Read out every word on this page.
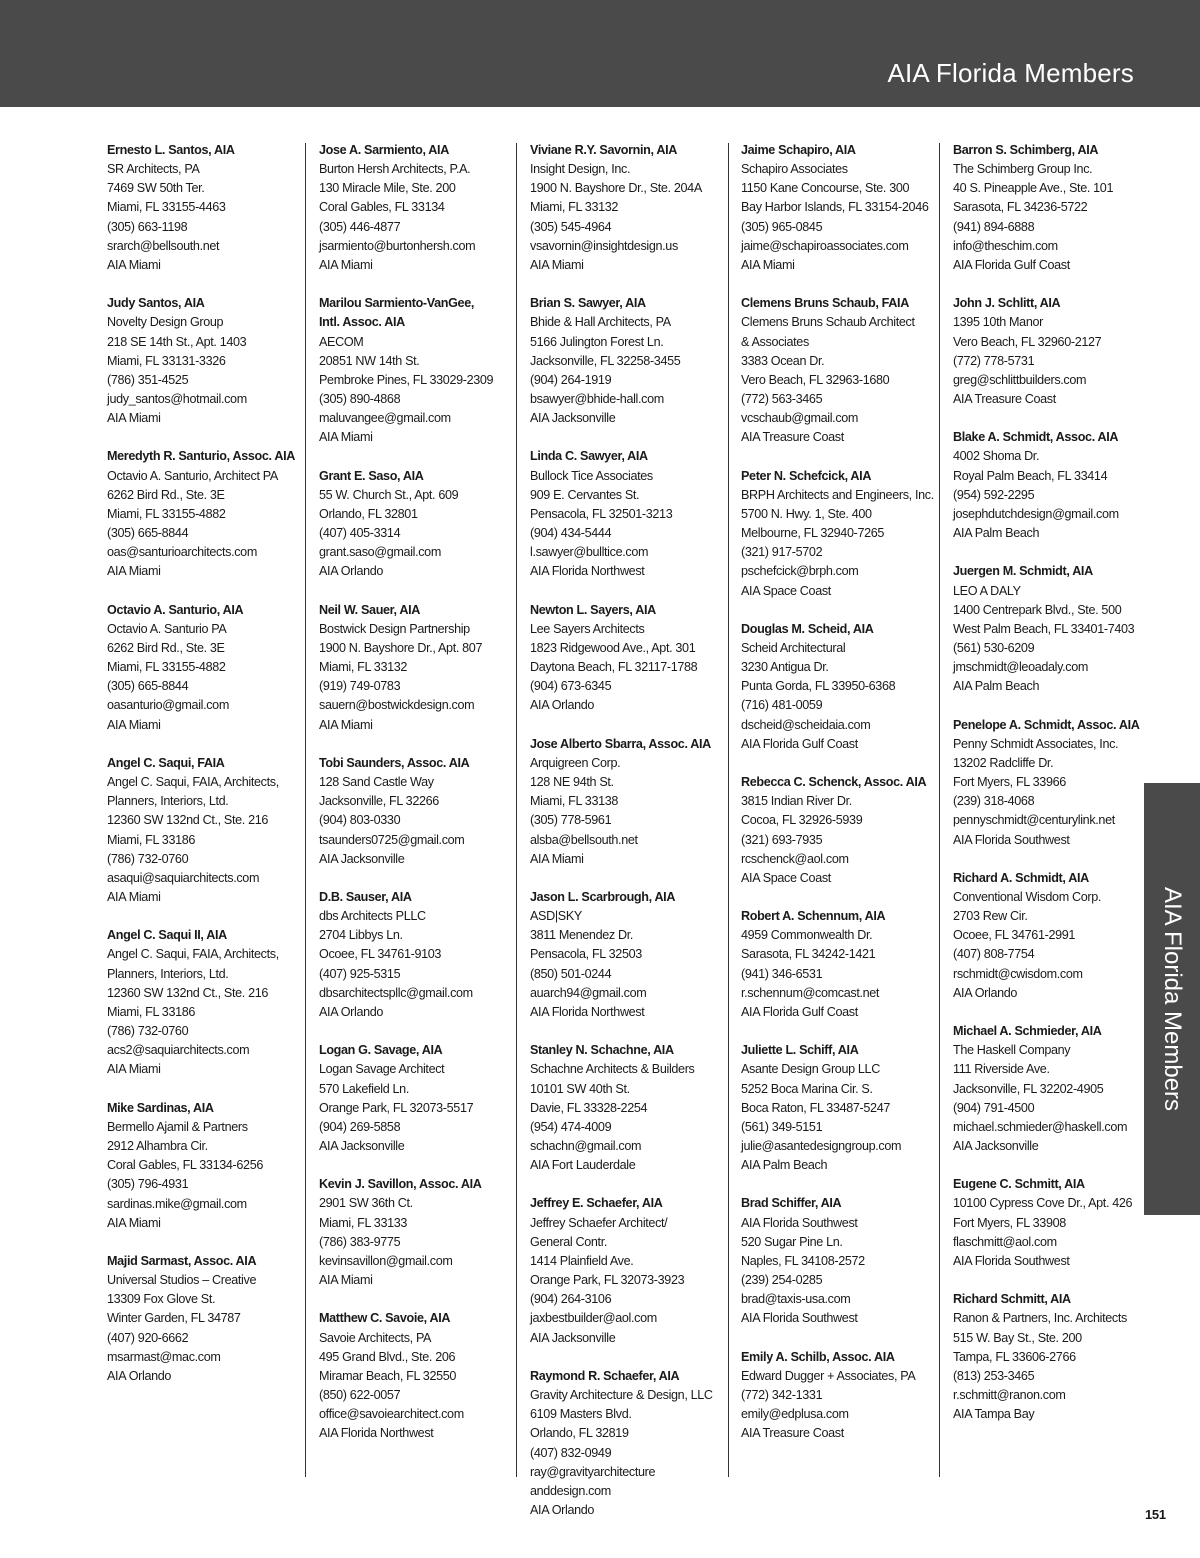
AIA Florida Members
Ernesto L. Santos, AIA
SR Architects, PA
7469 SW 50th Ter.
Miami, FL 33155-4463
(305) 663-1198
srarch@bellsouth.net
AIA Miami
Judy Santos, AIA
Novelty Design Group
218 SE 14th St., Apt. 1403
Miami, FL 33131-3326
(786) 351-4525
judy_santos@hotmail.com
AIA Miami
Meredyth R. Santurio, Assoc. AIA
Octavio A. Santurio, Architect PA
6262 Bird Rd., Ste. 3E
Miami, FL 33155-4882
(305) 665-8844
oas@santurioarchitects.com
AIA Miami
Octavio A. Santurio, AIA
Octavio A. Santurio PA
6262 Bird Rd., Ste. 3E
Miami, FL 33155-4882
(305) 665-8844
oasanturio@gmail.com
AIA Miami
Angel C. Saqui, FAIA
Angel C. Saqui, FAIA, Architects,
Planners, Interiors, Ltd.
12360 SW 132nd Ct., Ste. 216
Miami, FL 33186
(786) 732-0760
asaqui@saquiarchitects.com
AIA Miami
Angel C. Saqui II, AIA
Angel C. Saqui, FAIA, Architects,
Planners, Interiors, Ltd.
12360 SW 132nd Ct., Ste. 216
Miami, FL 33186
(786) 732-0760
acs2@saquiarchitects.com
AIA Miami
Mike Sardinas, AIA
Bermello Ajamil & Partners
2912 Alhambra Cir.
Coral Gables, FL 33134-6256
(305) 796-4931
sardinas.mike@gmail.com
AIA Miami
Majid Sarmast, Assoc. AIA
Universal Studios – Creative
13309 Fox Glove St.
Winter Garden, FL 34787
(407) 920-6662
msarmast@mac.com
AIA Orlando
Jose A. Sarmiento, AIA
Burton Hersh Architects, P.A.
130 Miracle Mile, Ste. 200
Coral Gables, FL 33134
(305) 446-4877
jsarmiento@burtonhersh.com
AIA Miami
Marilou Sarmiento-VanGee,
Intl. Assoc. AIA
AECOM
20851 NW 14th St.
Pembroke Pines, FL 33029-2309
(305) 890-4868
maluvangee@gmail.com
AIA Miami
Grant E. Saso, AIA
55 W. Church St., Apt. 609
Orlando, FL 32801
(407) 405-3314
grant.saso@gmail.com
AIA Orlando
Neil W. Sauer, AIA
Bostwick Design Partnership
1900 N. Bayshore Dr., Apt. 807
Miami, FL 33132
(919) 749-0783
sauern@bostwickdesign.com
AIA Miami
Tobi Saunders, Assoc. AIA
128 Sand Castle Way
Jacksonville, FL 32266
(904) 803-0330
tsaunders0725@gmail.com
AIA Jacksonville
D.B. Sauser, AIA
dbs Architects PLLC
2704 Libbys Ln.
Ocoee, FL 34761-9103
(407) 925-5315
dbsarchitectspllc@gmail.com
AIA Orlando
Logan G. Savage, AIA
Logan Savage Architect
570 Lakefield Ln.
Orange Park, FL 32073-5517
(904) 269-5858
AIA Jacksonville
Kevin J. Savillon, Assoc. AIA
2901 SW 36th Ct.
Miami, FL 33133
(786) 383-9775
kevinsavillon@gmail.com
AIA Miami
Matthew C. Savoie, AIA
Savoie Architects, PA
495 Grand Blvd., Ste. 206
Miramar Beach, FL 32550
(850) 622-0057
office@savoiearchitect.com
AIA Florida Northwest
Viviane R.Y. Savornin, AIA
Insight Design, Inc.
1900 N. Bayshore Dr., Ste. 204A
Miami, FL 33132
(305) 545-4964
vsavornin@insightdesign.us
AIA Miami
Brian S. Sawyer, AIA
Bhide & Hall Architects, PA
5166 Julington Forest Ln.
Jacksonville, FL 32258-3455
(904) 264-1919
bsawyer@bhide-hall.com
AIA Jacksonville
Linda C. Sawyer, AIA
Bullock Tice Associates
909 E. Cervantes St.
Pensacola, FL 32501-3213
(904) 434-5444
l.sawyer@bulltice.com
AIA Florida Northwest
Newton L. Sayers, AIA
Lee Sayers Architects
1823 Ridgewood Ave., Apt. 301
Daytona Beach, FL 32117-1788
(904) 673-6345
AIA Orlando
Jose Alberto Sbarra, Assoc. AIA
Arquigreen Corp.
128 NE 94th St.
Miami, FL 33138
(305) 778-5961
alsba@bellsouth.net
AIA Miami
Jason L. Scarbrough, AIA
ASD|SKY
3811 Menendez Dr.
Pensacola, FL 32503
(850) 501-0244
auarch94@gmail.com
AIA Florida Northwest
Stanley N. Schachne, AIA
Schachne Architects & Builders
10101 SW 40th St.
Davie, FL 33328-2254
(954) 474-4009
schachn@gmail.com
AIA Fort Lauderdale
Jeffrey E. Schaefer, AIA
Jeffrey Schaefer Architect/
General Contr.
1414 Plainfield Ave.
Orange Park, FL 32073-3923
(904) 264-3106
jaxbestbuilder@aol.com
AIA Jacksonville
Raymond R. Schaefer, AIA
Gravity Architecture & Design, LLC
6109 Masters Blvd.
Orlando, FL 32819
(407) 832-0949
ray@gravityarchitecture
anddesign.com
AIA Orlando
Jaime Schapiro, AIA
Schapiro Associates
1150 Kane Concourse, Ste. 300
Bay Harbor Islands, FL 33154-2046
(305) 965-0845
jaime@schapiroassociates.com
AIA Miami
Clemens Bruns Schaub, FAIA
Clemens Bruns Schaub Architect
& Associates
3383 Ocean Dr.
Vero Beach, FL 32963-1680
(772) 563-3465
vcschaub@gmail.com
AIA Treasure Coast
Peter N. Schefcick, AIA
BRPH Architects and Engineers, Inc.
5700 N. Hwy. 1, Ste. 400
Melbourne, FL 32940-7265
(321) 917-5702
pschefcick@brph.com
AIA Space Coast
Douglas M. Scheid, AIA
Scheid Architectural
3230 Antigua Dr.
Punta Gorda, FL 33950-6368
(716) 481-0059
dscheid@scheidaia.com
AIA Florida Gulf Coast
Rebecca C. Schenck, Assoc. AIA
3815 Indian River Dr.
Cocoa, FL 32926-5939
(321) 693-7935
rcschenck@aol.com
AIA Space Coast
Robert A. Schennum, AIA
4959 Commonwealth Dr.
Sarasota, FL 34242-1421
(941) 346-6531
r.schennum@comcast.net
AIA Florida Gulf Coast
Juliette L. Schiff, AIA
Asante Design Group LLC
5252 Boca Marina Cir. S.
Boca Raton, FL 33487-5247
(561) 349-5151
julie@asantedesigngroup.com
AIA Palm Beach
Brad Schiffer, AIA
AIA Florida Southwest
520 Sugar Pine Ln.
Naples, FL 34108-2572
(239) 254-0285
brad@taxis-usa.com
AIA Florida Southwest
Emily A. Schilb, Assoc. AIA
Edward Dugger + Associates, PA
(772) 342-1331
emily@edplusa.com
AIA Treasure Coast
Barron S. Schimberg, AIA
The Schimberg Group Inc.
40 S. Pineapple Ave., Ste. 101
Sarasota, FL 34236-5722
(941) 894-6888
info@theschim.com
AIA Florida Gulf Coast
John J. Schlitt, AIA
1395 10th Manor
Vero Beach, FL 32960-2127
(772) 778-5731
greg@schlittbuilders.com
AIA Treasure Coast
Blake A. Schmidt, Assoc. AIA
4002 Shoma Dr.
Royal Palm Beach, FL 33414
(954) 592-2295
josephdutchdesign@gmail.com
AIA Palm Beach
Juergen M. Schmidt, AIA
LEO A DALY
1400 Centrepark Blvd., Ste. 500
West Palm Beach, FL 33401-7403
(561) 530-6209
jmschmidt@leoadaly.com
AIA Palm Beach
Penelope A. Schmidt, Assoc. AIA
Penny Schmidt Associates, Inc.
13202 Radcliffe Dr.
Fort Myers, FL 33966
(239) 318-4068
pennyschmidt@centurylink.net
AIA Florida Southwest
Richard A. Schmidt, AIA
Conventional Wisdom Corp.
2703 Rew Cir.
Ocoee, FL 34761-2991
(407) 808-7754
rschmidt@cwisdom.com
AIA Orlando
Michael A. Schmieder, AIA
The Haskell Company
111 Riverside Ave.
Jacksonville, FL 32202-4905
(904) 791-4500
michael.schmieder@haskell.com
AIA Jacksonville
Eugene C. Schmitt, AIA
10100 Cypress Cove Dr., Apt. 426
Fort Myers, FL 33908
flaschmitt@aol.com
AIA Florida Southwest
Richard Schmitt, AIA
Ranon & Partners, Inc. Architects
515 W. Bay St., Ste. 200
Tampa, FL 33606-2766
(813) 253-3465
r.schmitt@ranon.com
AIA Tampa Bay
AIA Florida Members
151
